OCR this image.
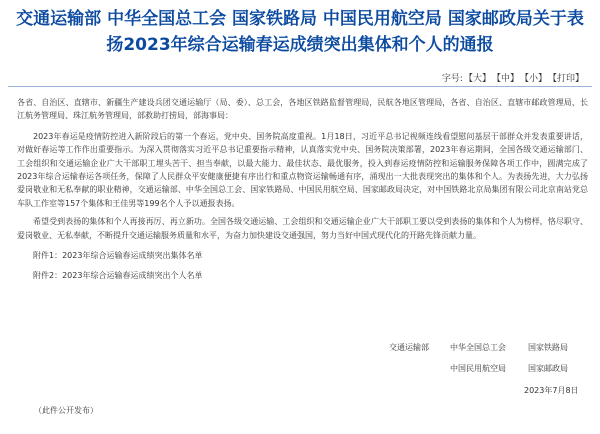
交通运输部 中华全国总工会 国家铁路局 中国民用航空局 国家邮政局关于表
扬2023年综合运输春运成绩突出集体和个人的通报
字号: 【大】 【中】 【小】 【打印】

各省、自治区、直辖市、新疆生产建设兵团交通运输厅（局、委）、总工会，各地区铁路监督管理局，民航各地区管理局，各省、自治区、直辖市邮政管理局，长江航务管理局、珠江航务管理局，部救助打捞局，部海事局：

2023年春运是疫情防控进入新阶段后的第一个春运，党中央、国务院高度重视。1月18日，习近平总书记视频连线看望慰问基层干部群众并发表重要讲话，对做好春运等工作作出重要指示。为深入贯彻落实习近平总书记重要指示精神，认真落实党中央、国务院决策部署，2023年春运期间，全国各级交通运输部门、工会组织和交通运输企业广大干部职工埋头苦干、担当奉献，以最大能力、最佳状态、最优服务，投入到春运疫情防控和运输服务保障各项工作中，圆满完成了2023年综合运输春运各项任务，保障了人民群众平安健康便捷有序出行和重点物资运输畅通有序，涌现出一大批表现突出的集体和个人。为表扬先进，大力弘扬爱岗敬业和无私奉献的职业精神，交通运输部、中华全国总工会、国家铁路局、中国民用航空局、国家邮政局决定，对中国铁路北京局集团有限公司北京南站党总车队工作室等157个集体和王佳男等199名个人予以通报表扬。

希望受到表扬的集体和个人再接再厉、再立新功。全国各级交通运输、工会组织和交通运输企业广大干部职工要以受到表扬的集体和个人为榜样，恪尽职守、爱岗敬业、无私奉献，不断提升交通运输服务质量和水平，为奋力加快建设交通强国，努力当好中国式现代化的开路先锋贡献力量。

附件1：2023年综合运输春运成绩突出集体名单

附件2：2023年综合运输春运成绩突出个人名单

交通运输部	中华全国总工会	国家铁路局
中国民用航空局	国家邮政局
2023年7月8日
（此件公开发布）
